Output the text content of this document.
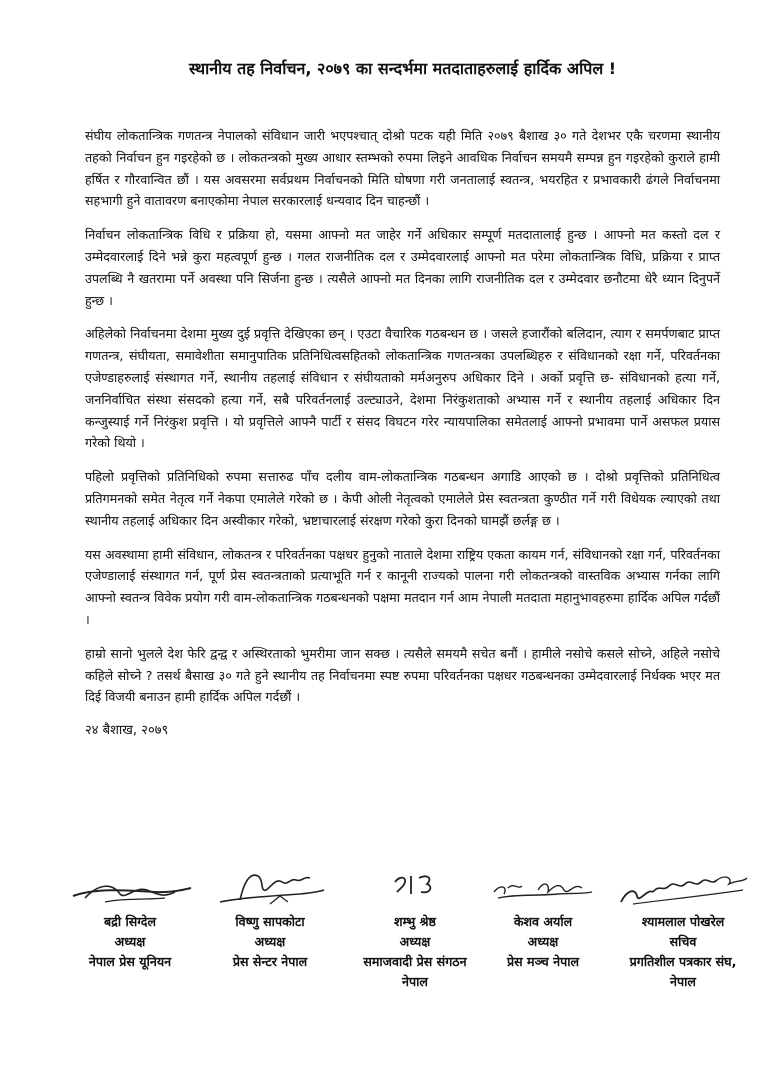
स्थानीय तह निर्वाचन, २०७९ का सन्दर्भमा मतदाताहरुलाई हार्दिक अपिल !

संघीय लोकतान्त्रिक गणतन्त्र नेपालको संविधान जारी भएपश्चात् दोश्रो पटक यही मिति २०७९ बैशाख ३० गते देशभर एकै चरणमा स्थानीय तहको निर्वाचन हुन गइरहेको छ । लोकतन्त्रको मुख्य आधार स्तम्भको रुपमा लिइने आवधिक निर्वाचन समयमै सम्पन्न हुन गइरहेको कुराले हामी हर्षित र गौरवान्वित छौं । यस अवसरमा सर्वप्रथम निर्वाचनको मिति घोषणा गरी जनतालाई स्वतन्त्र, भयरहित र प्रभावकारी ढंगले निर्वाचनमा सहभागी हुने वातावरण बनाएकोमा नेपाल सरकारलाई धन्यवाद दिन चाहन्छौं ।

निर्वाचन लोकतान्त्रिक विधि र प्रक्रिया हो, यसमा आफ्नो मत जाहेर गर्ने अधिकार सम्पूर्ण मतदातालाई हुन्छ । आफ्नो मत कस्तो दल र उम्मेदवारलाई दिने भन्ने कुरा महत्वपूर्ण हुन्छ । गलत राजनीतिक दल र उम्मेदवारलाई आफ्नो मत परेमा लोकतान्त्रिक विधि, प्रक्रिया र प्राप्त उपलब्धि नै खतरामा पर्ने अवस्था पनि सिर्जना हुन्छ । त्यसैले आफ्नो मत दिनका लागि राजनीतिक दल र उम्मेदवार छनौटमा धेरै ध्यान दिनुपर्ने हुन्छ ।

अहिलेको निर्वाचनमा देशमा मुख्य दुई प्रवृत्ति देखिएका छन् । एउटा वैचारिक गठबन्धन छ । जसले हजारौंको बलिदान, त्याग र समर्पणबाट प्राप्त गणतन्त्र, संघीयता, समावेशीता समानुपातिक प्रतिनिधित्वसहितको लोकतान्त्रिक गणतन्त्रका उपलब्धिहरु र संविधानको रक्षा गर्ने, परिवर्तनका एजेण्डाहरुलाई संस्थागत गर्ने, स्थानीय तहलाई संविधान र संघीयताको मर्मअनुरुप अधिकार दिने । अर्को प्रवृत्ति छ- संविधानको हत्या गर्ने, जननिर्वाचित संस्था संसदको हत्या गर्ने, सबै परिवर्तनलाई उल्ट्याउने, देशमा निरंकुशताको अभ्यास गर्ने र स्थानीय तहलाई अधिकार दिन कन्जुस्याई गर्ने निरंकुश प्रवृत्ति । यो प्रवृत्तिले आफ्नै पार्टी र संसद विघटन गरेर न्यायपालिका समेतलाई आफ्नो प्रभावमा पार्ने असफल प्रयास गरेको थियो ।

पहिलो प्रवृत्तिको प्रतिनिधिको रुपमा सत्तारुढ पाँच दलीय वाम-लोकतान्त्रिक गठबन्धन अगाडि आएको छ । दोश्रो प्रवृत्तिको प्रतिनिधित्व प्रतिगमनको समेत नेतृत्व गर्ने नेकपा एमालेले गरेको छ । केपी ओली नेतृत्वको एमालेले प्रेस स्वतन्त्रता कुण्ठीत गर्ने गरी विधेयक ल्याएको तथा स्थानीय तहलाई अधिकार दिन अस्वीकार गरेको, भ्रष्टाचारलाई संरक्षण गरेको कुरा दिनको घामझैं छर्लङ्ग छ ।

यस अवस्थामा हामी संविधान, लोकतन्त्र र परिवर्तनका पक्षधर हुनुको नाताले देशमा राष्ट्रिय एकता कायम गर्न, संविधानको रक्षा गर्न, परिवर्तनका एजेण्डालाई संस्थागत गर्न, पूर्ण प्रेस स्वतन्त्रताको प्रत्याभूति गर्न र कानूनी राज्यको पालना गरी लोकतन्त्रको वास्तविक अभ्यास गर्नका लागि आफ्नो स्वतन्त्र विवेक प्रयोग गरी वाम-लोकतान्त्रिक गठबन्धनको पक्षमा मतदान गर्न आम नेपाली मतदाता महानुभावहरुमा हार्दिक अपिल गर्दछौं ।

हाम्रो सानो भुलले देश फेरि द्वन्द्व र अस्थिरताको भुमरीमा जान सक्छ । त्यसैले समयमै सचेत बनौं । हामीले नसोचे कसले सोच्ने, अहिले नसोचे कहिले सोच्ने ? तसर्थ बैसाख ३० गते हुने स्थानीय तह निर्वाचनमा स्पष्ट रुपमा परिवर्तनका पक्षधर गठबन्धनका उम्मेदवारलाई निर्धक्क भएर मत दिई विजयी बनाउन हामी हार्दिक अपिल गर्दछौं ।

२४ बैशाख, २०७९
बद्री सिग्देल
अध्यक्ष
नेपाल प्रेस यूनियन
विष्णु सापकोटा
अध्यक्ष
प्रेस सेन्टर नेपाल
शम्भु श्रेष्ठ
अध्यक्ष
समाजवादी प्रेस संगठन
नेपाल
केशव अर्याल
अध्यक्ष
प्रेस मञ्च नेपाल
श्यामलाल पोखरेल
सचिव
प्रगतिशील पत्रकार संघ,
नेपाल
